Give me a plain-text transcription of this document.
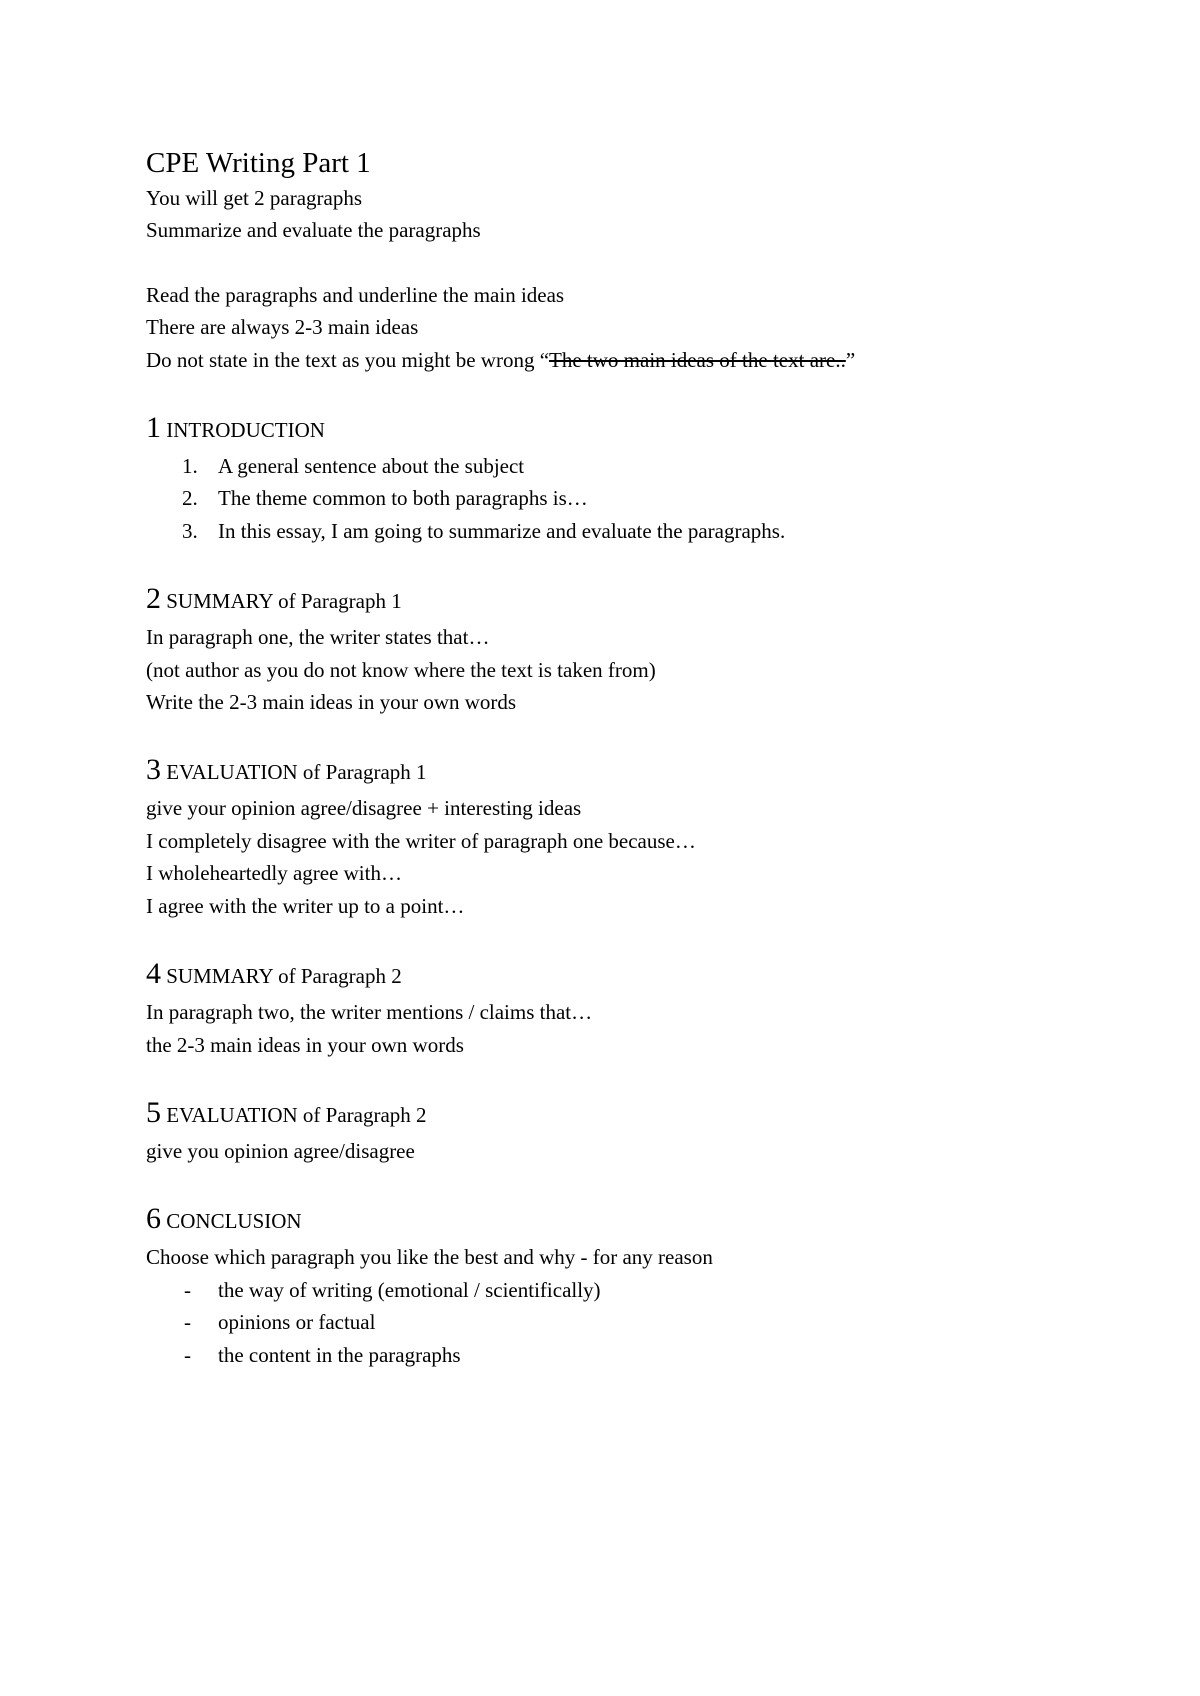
CPE Writing Part 1

You will get 2 paragraphs

Summarize and evaluate the paragraphs

Read the paragraphs and underline the main ideas

There are always 2-3 main ideas

Do not state in the text as you might be wrong “The two main ideas of the text are..”

1 INTRODUCTION

1. A general sentence about the subject
2. The theme common to both paragraphs is…
3. In this essay, I am going to summarize and evaluate the paragraphs.

2 SUMMARY of Paragraph 1

In paragraph one, the writer states that…

(not author as you do not know where the text is taken from)

Write the 2-3 main ideas in your own words

3 EVALUATION of Paragraph 1

give your opinion agree/disagree + interesting ideas

I completely disagree with the writer of paragraph one because…

I wholeheartedly agree with…

I agree with the writer up to a point…

4 SUMMARY of Paragraph 2

In paragraph two, the writer mentions / claims that…

the 2-3 main ideas in your own words

5 EVALUATION of Paragraph 2

give you opinion agree/disagree

6 CONCLUSION

Choose which paragraph you like the best and why - for any reason

- the way of writing (emotional / scientifically)
- opinions or factual
- the content in the paragraphs
